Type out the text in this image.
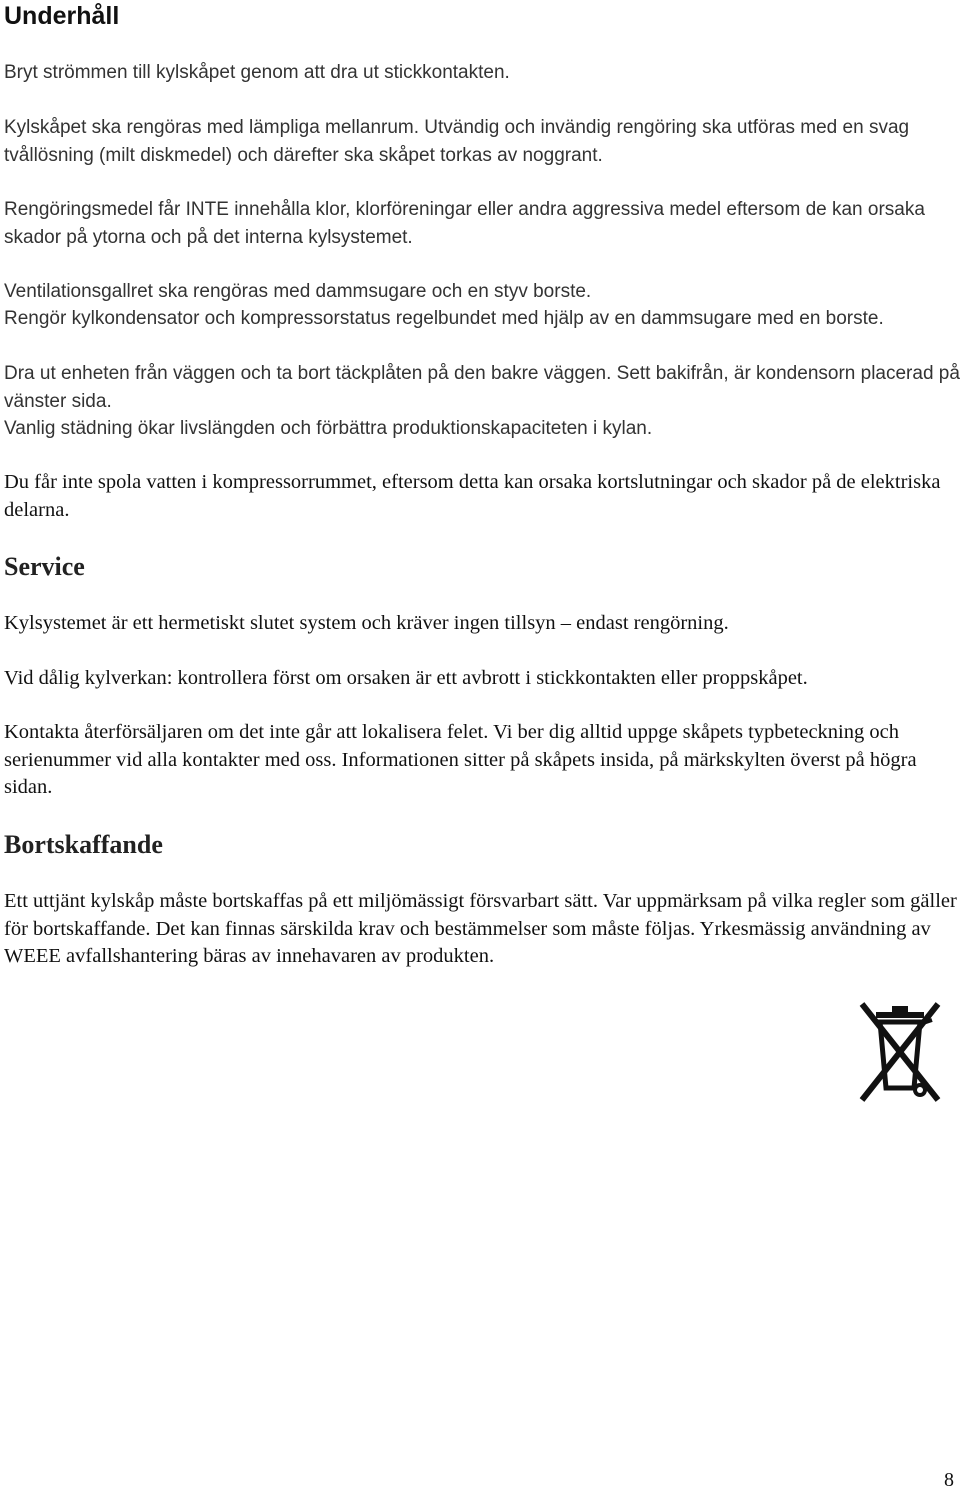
Underhåll

Bryt strömmen till kylskåpet genom att dra ut stickkontakten.

Kylskåpet ska rengöras med lämpliga mellanrum. Utvändig och invändig rengöring ska utföras med en svag tvållösning (milt diskmedel) och därefter ska skåpet torkas av noggrant.

Rengöringsmedel får INTE innehålla klor, klorföreningar eller andra aggressiva medel eftersom de kan orsaka skador på ytorna och på det interna kylsystemet.

Ventilationsgallret ska rengöras med dammsugare och en styv borste.

Rengör kylkondensator och kompressorstatus regelbundet med hjälp av en dammsugare med en borste.

Dra ut enheten från väggen och ta bort täckplåten på den bakre väggen. Sett bakifrån, är kondensorn placerad på vänster sida.

Vanlig städning ökar livslängden och förbättra produktionskapaciteten i kylan.

Du får inte spola vatten i kompressorrummet, eftersom detta kan orsaka kortslutningar och skador på de elektriska delarna.

Service

Kylsystemet är ett hermetiskt slutet system och kräver ingen tillsyn – endast rengörning.

Vid dålig kylverkan: kontrollera först om orsaken är ett avbrott i stickkontakten eller proppskåpet.

Kontakta återförsäljaren om det inte går att lokalisera felet. Vi ber dig alltid uppge skåpets typbeteckning och serienummer vid alla kontakter med oss. Informationen sitter på skåpets insida, på märkskylten överst på högra sidan.

Bortskaffande

Ett uttjänt kylskåp måste bortskaffas på ett miljömässigt försvarbart sätt. Var uppmärksam på vilka regler som gäller för bortskaffande. Det kan finnas särskilda krav och bestämmelser som måste följas. Yrkesmässig användning av WEEE avfallshantering bäras av innehavaren av produkten.

8
